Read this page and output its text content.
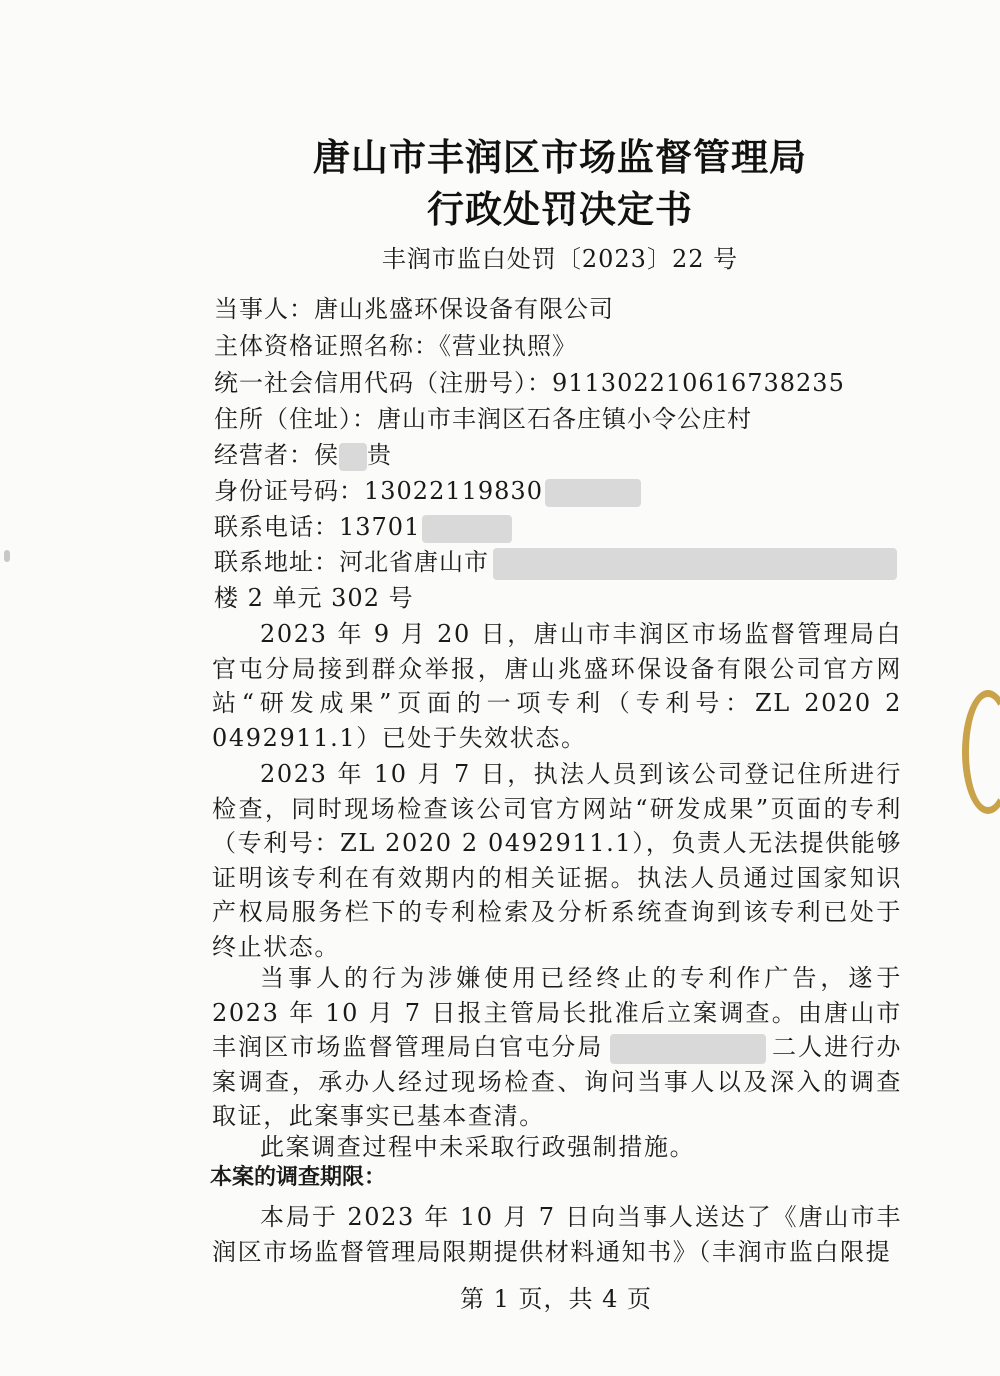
唐山市丰润区市场监督管理局
行政处罚决定书
丰润市监白处罚〔2023〕22 号
当事人：唐山兆盛环保设备有限公司
主体资格证照名称：《营业执照》
统一社会信用代码（注册号）：911302210616738235
住所（住址）：唐山市丰润区石各庄镇小令公庄村
经营者：侯 贵
身份证号码：13022119830
联系电话：13701
联系地址：河北省唐山市
楼 2 单元 302 号
2023 年 9 月 20 日，唐山市丰润区市场监督管理局白官屯分局接到群众举报，唐山兆盛环保设备有限公司官方网站“研发成果”页面的一项专利（专利号：ZL 2020 2 0492911.1）已处于失效状态。
2023 年 10 月 7 日，执法人员到该公司登记住所进行检查，同时现场检查该公司官方网站“研发成果”页面的专利（专利号：ZL 2020 2 0492911.1），负责人无法提供能够证明该专利在有效期内的相关证据。执法人员通过国家知识产权局服务栏下的专利检索及分析系统查询到该专利已处于终止状态。
当事人的行为涉嫌使用已经终止的专利作广告，遂于 2023 年 10 月 7 日报主管局长批准后立案调查。由唐山市丰润区市场监督管理局白官屯分局	二人进行办案调查，承办人经过现场检查、询问当事人以及深入的调查取证，此案事实已基本查清。
此案调查过程中未采取行政强制措施。
本案的调查期限：
本局于 2023 年 10 月 7 日向当事人送达了《唐山市丰润区市场监督管理局限期提供材料通知书》（丰润市监白限提
第 1 页，共 4 页
